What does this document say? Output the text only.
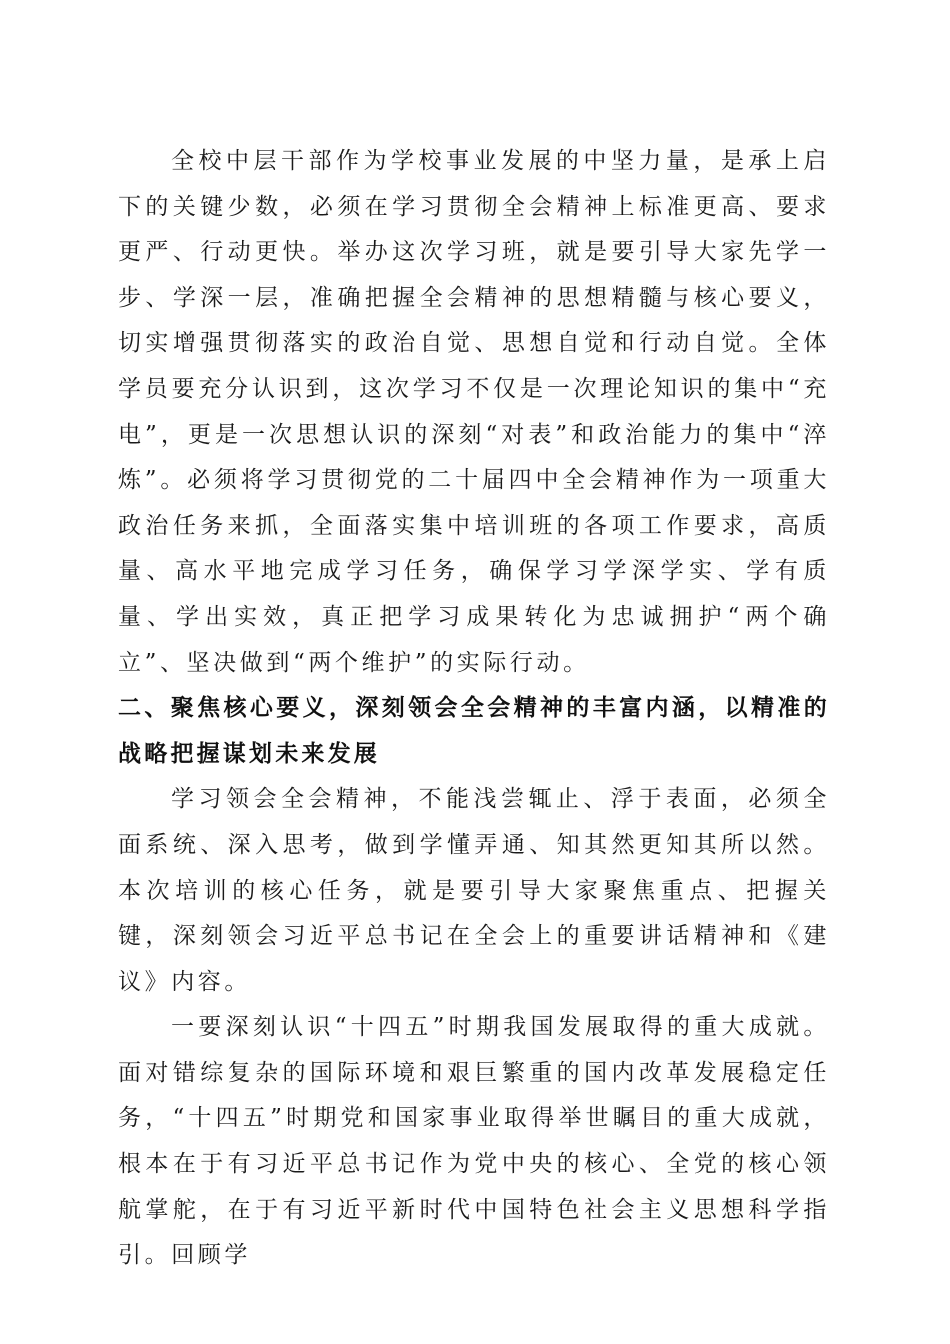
全校中层干部作为学校事业发展的中坚力量，是承上启下的关键少数，必须在学习贯彻全会精神上标准更高、要求更严、行动更快。举办这次学习班，就是要引导大家先学一步、学深一层，准确把握全会精神的思想精髓与核心要义，切实增强贯彻落实的政治自觉、思想自觉和行动自觉。全体学员要充分认识到，这次学习不仅是一次理论知识的集中“充电”，更是一次思想认识的深刻“对表”和政治能力的集中“淬炼”。必须将学习贯彻党的二十届四中全会精神作为一项重大政治任务来抓，全面落实集中培训班的各项工作要求，高质量、高水平地完成学习任务，确保学习学深学实、学有质量、学出实效，真正把学习成果转化为忠诚拥护“两个确立”、坚决做到“两个维护”的实际行动。

二、聚焦核心要义，深刻领会全会精神的丰富内涵，以精准的战略把握谋划未来发展

学习领会全会精神，不能浅尝辄止、浮于表面，必须全面系统、深入思考，做到学懂弄通、知其然更知其所以然。本次培训的核心任务，就是要引导大家聚焦重点、把握关键，深刻领会习近平总书记在全会上的重要讲话精神和《建议》内容。

一要深刻认识“十四五”时期我国发展取得的重大成就。面对错综复杂的国际环境和艰巨繁重的国内改革发展稳定任务，“十四五”时期党和国家事业取得举世瞩目的重大成就，根本在于有习近平总书记作为党中央的核心、全党的核心领航掌舵，在于有习近平新时代中国特色社会主义思想科学指引。回顾学
